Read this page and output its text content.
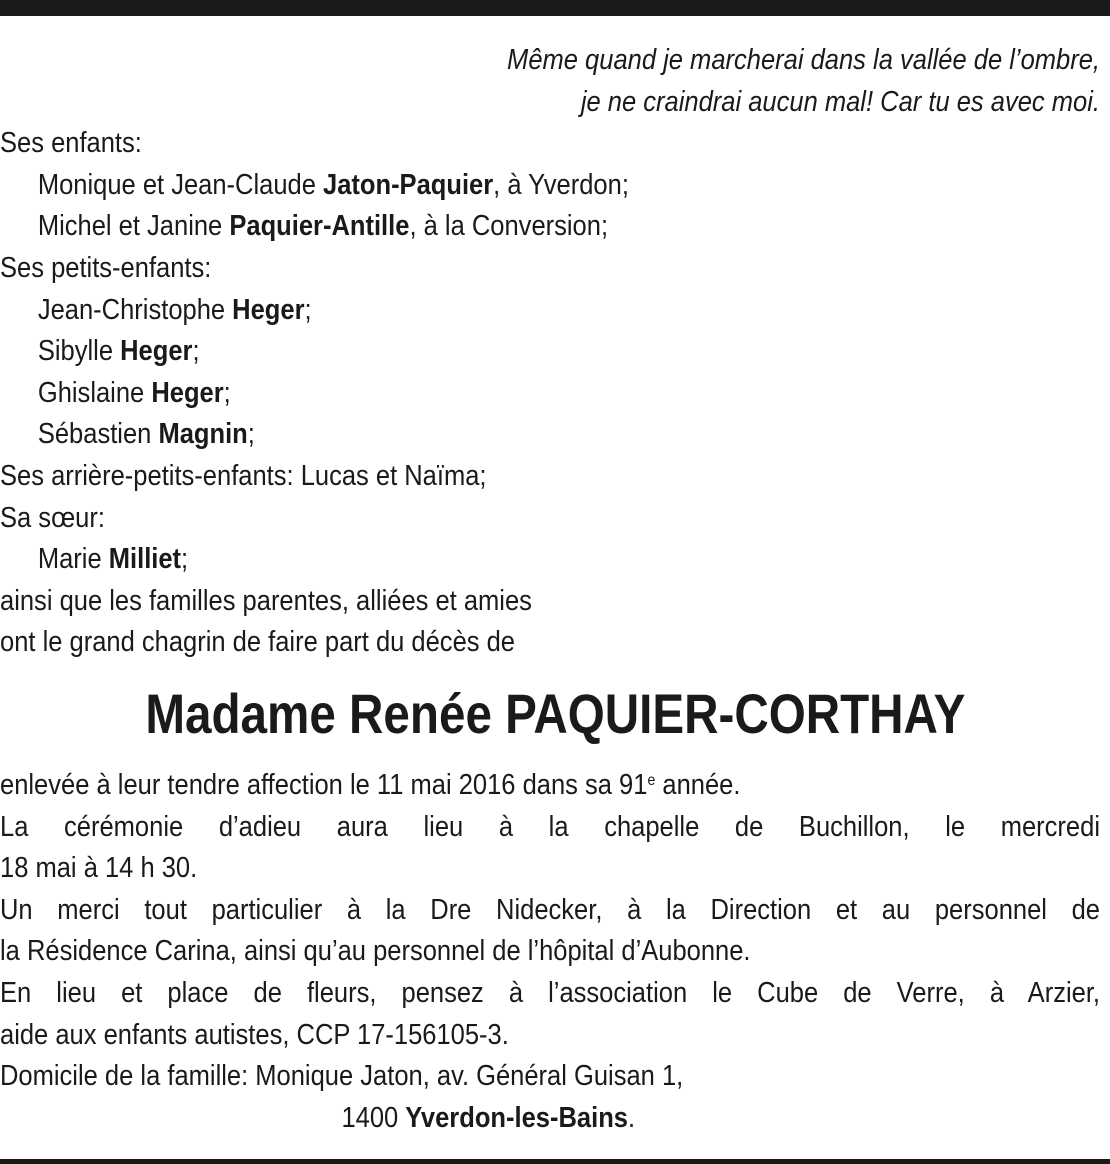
Même quand je marcherai dans la vallée de l’ombre,
je ne craindrai aucun mal! Car tu es avec moi.
Ses enfants:
Monique et Jean-Claude Jaton-Paquier, à Yverdon;
Michel et Janine Paquier-Antille, à la Conversion;
Ses petits-enfants:
Jean-Christophe Heger;
Sibylle Heger;
Ghislaine Heger;
Sébastien Magnin;
Ses arrière-petits-enfants: Lucas et Naïma;
Sa sœur:
Marie Milliet;
ainsi que les familles parentes, alliées et amies
ont le grand chagrin de faire part du décès de
Madame Renée PAQUIER-CORTHAY
enlevée à leur tendre affection le 11 mai 2016 dans sa 91e année.
La cérémonie d’adieu aura lieu à la chapelle de Buchillon, le mercredi
18 mai à 14 h 30.
Un merci tout particulier à la Dre Nidecker, à la Direction et au personnel de
la Résidence Carina, ainsi qu’au personnel de l’hôpital d’Aubonne.
En lieu et place de fleurs, pensez à l’association le Cube de Verre, à Arzier,
aide aux enfants autistes, CCP 17-156105-3.
Domicile de la famille: Monique Jaton, av. Général Guisan 1,
1400 Yverdon-les-Bains.
